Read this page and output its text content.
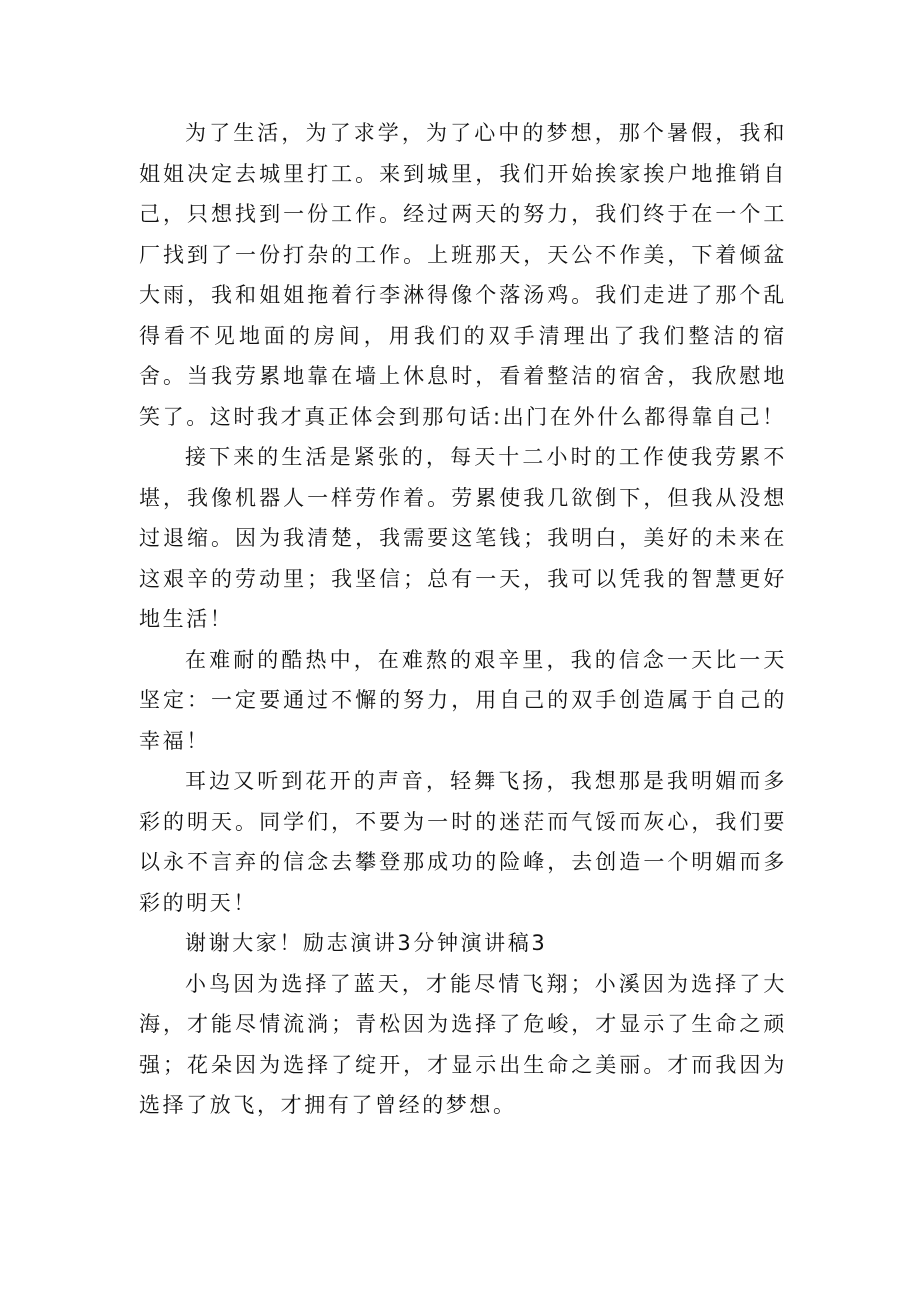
为了生活，为了求学，为了心中的梦想，那个暑假，我和姐姐决定去城里打工。来到城里，我们开始挨家挨户地推销自己，只想找到一份工作。经过两天的努力，我们终于在一个工厂找到了一份打杂的工作。上班那天，天公不作美，下着倾盆大雨，我和姐姐拖着行李淋得像个落汤鸡。我们走进了那个乱得看不见地面的房间，用我们的双手清理出了我们整洁的宿舍。当我劳累地靠在墙上休息时，看着整洁的宿舍，我欣慰地笑了。这时我才真正体会到那句话:出门在外什么都得靠自己！

接下来的生活是紧张的，每天十二小时的工作使我劳累不堪，我像机器人一样劳作着。劳累使我几欲倒下，但我从没想过退缩。因为我清楚，我需要这笔钱；我明白，美好的未来在这艰辛的劳动里；我坚信；总有一天，我可以凭我的智慧更好地生活！

在难耐的酷热中，在难熬的艰辛里，我的信念一天比一天坚定：一定要通过不懈的努力，用自己的双手创造属于自己的幸福！

耳边又听到花开的声音，轻舞飞扬，我想那是我明媚而多彩的明天。同学们，不要为一时的迷茫而气馁而灰心，我们要以永不言弃的信念去攀登那成功的险峰，去创造一个明媚而多彩的明天！

谢谢大家！励志演讲3分钟演讲稿3

小鸟因为选择了蓝天，才能尽情飞翔；小溪因为选择了大海，才能尽情流淌；青松因为选择了危峻，才显示了生命之顽强；花朵因为选择了绽开，才显示出生命之美丽。才而我因为选择了放飞，才拥有了曾经的梦想。
